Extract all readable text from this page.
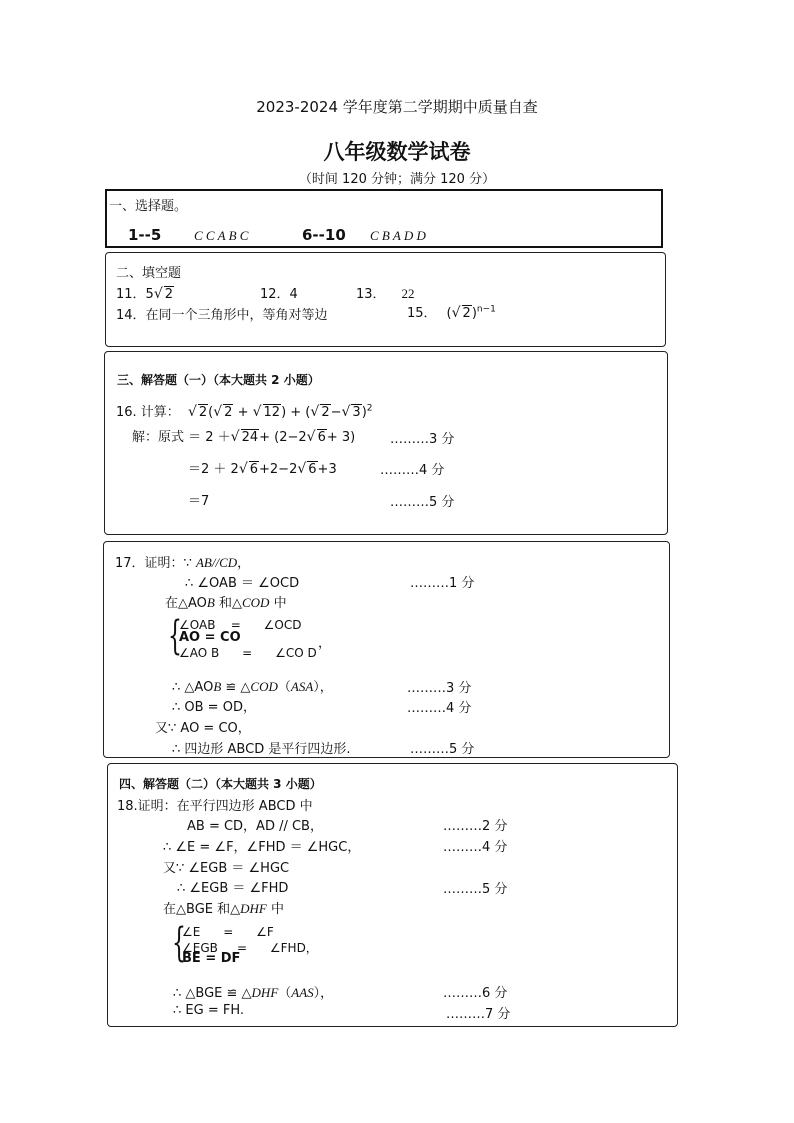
2023-2024 学年度第二学期期中质量自查
八年级数学试卷
（时间 120 分钟；满分 120 分）
一、选择题。
1--5	C C A B C	6--10 C B A D D
二、填空题
11．5√ 2	12．4	13． 22
14．在同一个三角形中，等角对等边	15． (√ 2)$^{n-1}$
三、解答题（一）（本大题共 2 小题）
16. 计算： √ 2(√ 2 + √ 12) + (√ 2−√ 3)$^2$
解：原式 ＝ 2 ＋√ 24+ (2−2√ 6+ 3)	………3 分
＝2 ＋ 2√ 6+2−2√ 6+3	………4 分
＝7	………5 分
17．证明：∵ AB//CD，
∴ ∠OAB ＝ ∠OCD	………1 分
在△AOB 和△COD 中
{
∠OAB    =      ∠OCD
AO = CO
∠AO B      =      ∠CO D
，
∴ △AOB ≌ △COD（ASA），	………3 分
∴ OB = OD，	………4 分
又∵ AO = CO，
∴ 四边形 ABCD 是平行四边形.	………5 分
四、解答题（二）（本大题共 3 小题）
18.证明：在平行四边形 ABCD 中
AB = CD，AD // CB，	………2 分
∴ ∠E = ∠F，∠FHD ＝ ∠HGC，	………4 分
又∵ ∠EGB ＝ ∠HGC
∴ ∠EGB ＝ ∠FHD	………5 分
在△BGE 和△DHF 中
{
∠E      =      ∠F
∠EGB     =      ∠FHD，
BE = DF
∴ △BGE ≌ △DHF（AAS），	………6 分
∴ EG = FH.	………7 分
